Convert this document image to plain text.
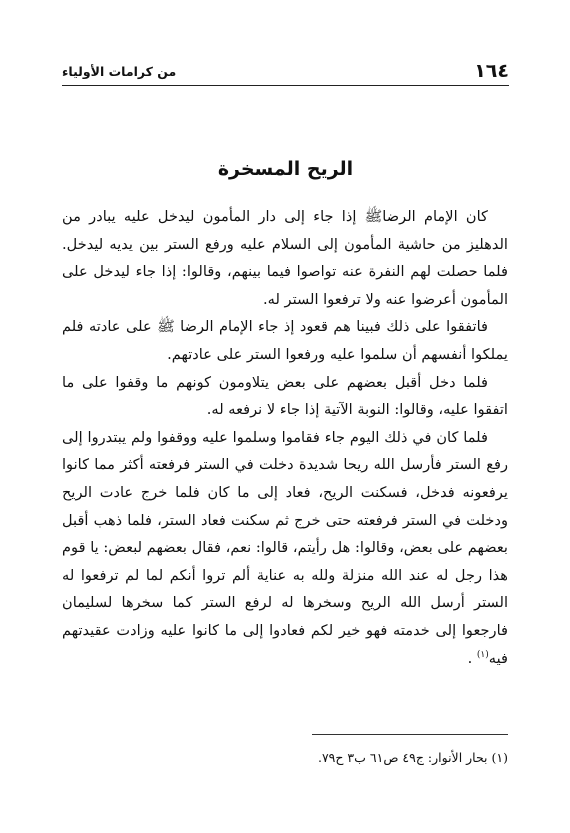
١٦٤
من كرامات الأولياء
الريح المسخرة

كان الإمام الرضاﷺ إذا جاء إلى دار المأمون ليدخل عليه يبادر من الدهليز من حاشية المأمون إلى السلام عليه ورفع الستر بين يديه ليدخل. فلما حصلت لهم النفرة عنه تواصوا فيما بينهم، وقالوا: إذا جاء ليدخل على المأمون أعرضوا عنه ولا ترفعوا الستر له.

فاتفقوا على ذلك فبينا هم قعود إذ جاء الإمام الرضا ﷺ على عادته فلم يملكوا أنفسهم أن سلموا عليه ورفعوا الستر على عادتهم.

فلما دخل أقبل بعضهم على بعض يتلاومون كونهم ما وقفوا على ما اتفقوا عليه، وقالوا: النوبة الآتية إذا جاء لا نرفعه له.

فلما كان في ذلك اليوم جاء فقاموا وسلموا عليه ووقفوا ولم يبتدروا إلى رفع الستر فأرسل الله ريحا شديدة دخلت في الستر فرفعته أكثر مما كانوا يرفعونه فدخل، فسكنت الريح، فعاد إلى ما كان فلما خرج عادت الريح ودخلت في الستر فرفعته حتى خرج ثم سكنت فعاد الستر، فلما ذهب أقبل بعضهم على بعض، وقالوا: هل رأيتم، قالوا: نعم، فقال بعضهم لبعض: يا قوم هذا رجل له عند الله منزلة ولله به عناية ألم تروا أنكم لما لم ترفعوا له الستر أرسل الله الريح وسخرها له لرفع الستر كما سخرها لسليمان فارجعوا إلى خدمته فهو خير لكم فعادوا إلى ما كانوا عليه وزادت عقيدتهم فيه$^{(١)}$ .

(١) بحار الأنوار: ج٤٩ ص٦١ ب٣ ح٧٩.
